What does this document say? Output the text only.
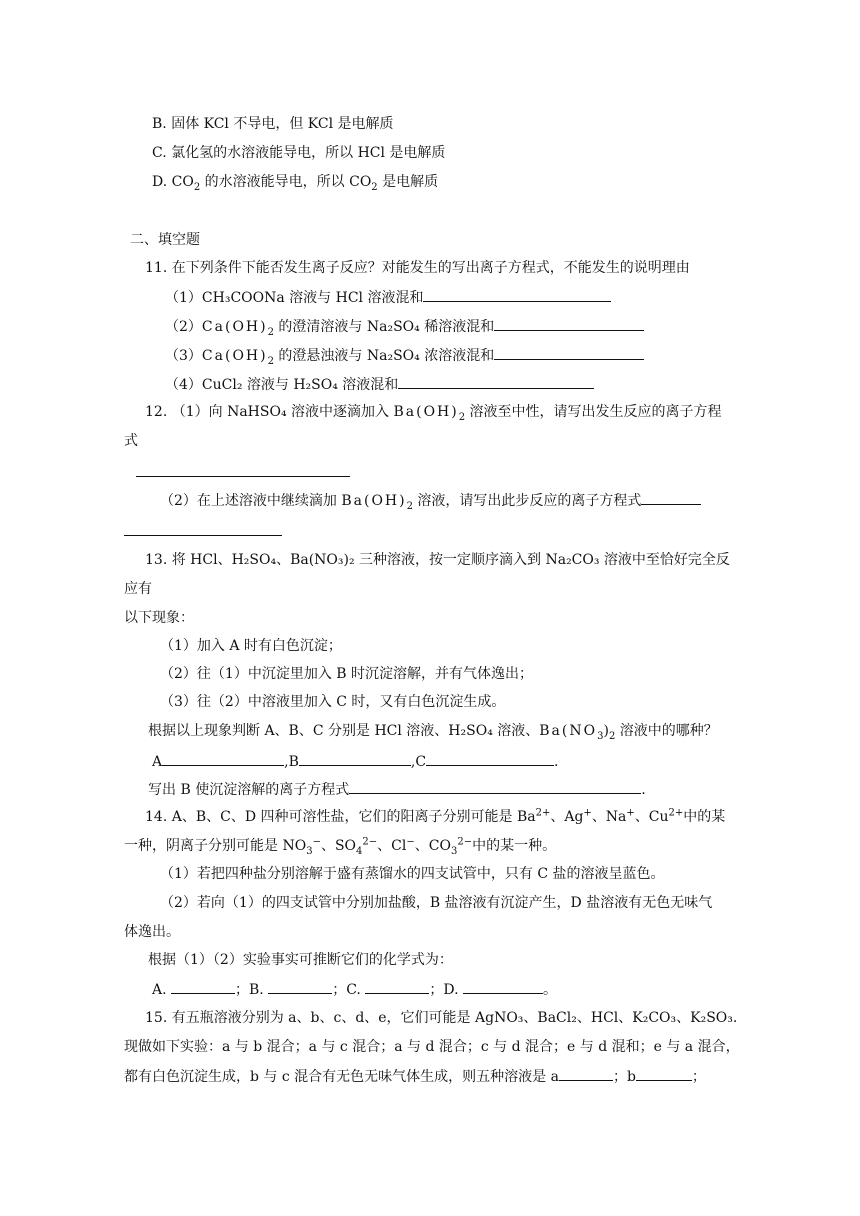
B. 固体 KCl 不导电，但 KCl 是电解质
C. 氯化氢的水溶液能导电，所以 HCl 是电解质
D. $CO_2$ 的水溶液能导电，所以 $CO_2$ 是电解质
二、填空题
11. 在下列条件下能否发生离子反应？对能发生的写出离子方程式，不能发生的说明理由
（1）CH₃COONa 溶液与 HCl 溶液混和
$(2)Ca(OH)_2$ 的澄清溶液与 Na₂SO₄ 稀溶液混和
$(3)Ca(OH)_2$ 的澄悬浊液与 Na₂SO₄ 浓溶液混和
（4）CuCl₂ 溶液与 H₂SO₄ 溶液混和
12. （1）向 NaHSO₄ 溶液中逐滴加入 $Ba(OH)_2$ 溶液至中性，请写出发生反应的离子方程
式
（2）在上述溶液中继续滴加 $Ba(OH)_2$ 溶液，请写出此步反应的离子方程式
13. 将 HCl、H₂SO₄、Ba(NO₃)₂ 三种溶液，按一定顺序滴入到 Na₂CO₃ 溶液中至恰好完全反
应有
以下现象：
（1）加入 A 时有白色沉淀；
（2）往（1）中沉淀里加入 B 时沉淀溶解，并有气体逸出；
（3）往（2）中溶液里加入 C 时，又有白色沉淀生成。
根据以上现象判断 A、B、C 分别是 HCl 溶液、H₂SO₄ 溶液、$Ba(NO_3)_2$ 溶液中的哪种？
A	,B	,C	.
写出 B 使沉淀溶解的离子方程式	.
14. A、B、C、D 四种可溶性盐，它们的阳离子分别可能是 $Ba^{2+}$、Ag+、Na+、$Cu^{2+}$中的某
一种，阴离子分别可能是 $NO_3^-$、$SO_4^{2-}$、Cl−、$CO_3^{2-}$中的某一种。
（1）若把四种盐分别溶解于盛有蒸馏水的四支试管中，只有 C 盐的溶液呈蓝色。
（2）若向（1）的四支试管中分别加盐酸，B 盐溶液有沉淀产生，D 盐溶液有无色无味气
体逸出。
根据（1）（2）实验事实可推断它们的化学式为：
A.	；B.	；C.	；D.	。
15. 有五瓶溶液分别为 a、b、c、d、e，它们可能是 AgNO₃、BaCl₂、HCl、K₂CO₃、K₂SO₃.
现做如下实验：a 与 b 混合；a 与 c 混合；a 与 d 混合；c 与 d 混合；e 与 d 混和；e 与 a 混合，
都有白色沉淀生成，b 与 c 混合有无色无味气体生成，则五种溶液是 a	；b	；
